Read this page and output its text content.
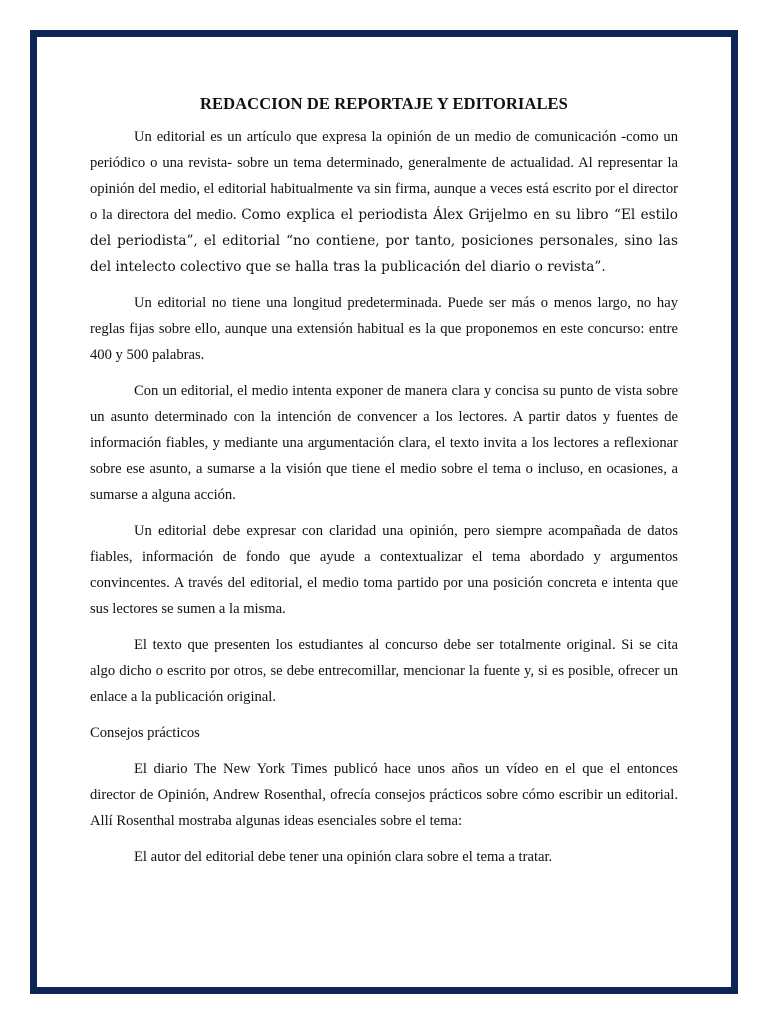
REDACCION DE REPORTAJE Y EDITORIALES

Un editorial es un artículo que expresa la opinión de un medio de comunicación -como un periódico o una revista- sobre un tema determinado, generalmente de actualidad. Al representar la opinión del medio, el editorial habitualmente va sin firma, aunque a veces está escrito por el director o la directora del medio. Como explica el periodista Álex Grijelmo en su libro “El estilo del periodista”, el editorial “no contiene, por tanto, posiciones personales, sino las del intelecto colectivo que se halla tras la publicación del diario o revista”.

Un editorial no tiene una longitud predeterminada. Puede ser más o menos largo, no hay reglas fijas sobre ello, aunque una extensión habitual es la que proponemos en este concurso: entre 400 y 500 palabras.

Con un editorial, el medio intenta exponer de manera clara y concisa su punto de vista sobre un asunto determinado con la intención de convencer a los lectores. A partir datos y fuentes de información fiables, y mediante una argumentación clara, el texto invita a los lectores a reflexionar sobre ese asunto, a sumarse a la visión que tiene el medio sobre el tema o incluso, en ocasiones, a sumarse a alguna acción.

Un editorial debe expresar con claridad una opinión, pero siempre acompañada de datos fiables, información de fondo que ayude a contextualizar el tema abordado y argumentos convincentes. A través del editorial, el medio toma partido por una posición concreta e intenta que sus lectores se sumen a la misma.

El texto que presenten los estudiantes al concurso debe ser totalmente original. Si se cita algo dicho o escrito por otros, se debe entrecomillar, mencionar la fuente y, si es posible, ofrecer un enlace a la publicación original.

Consejos prácticos

El diario The New York Times publicó hace unos años un vídeo en el que el entonces director de Opinión, Andrew Rosenthal, ofrecía consejos prácticos sobre cómo escribir un editorial. Allí Rosenthal mostraba algunas ideas esenciales sobre el tema:

El autor del editorial debe tener una opinión clara sobre el tema a tratar.
